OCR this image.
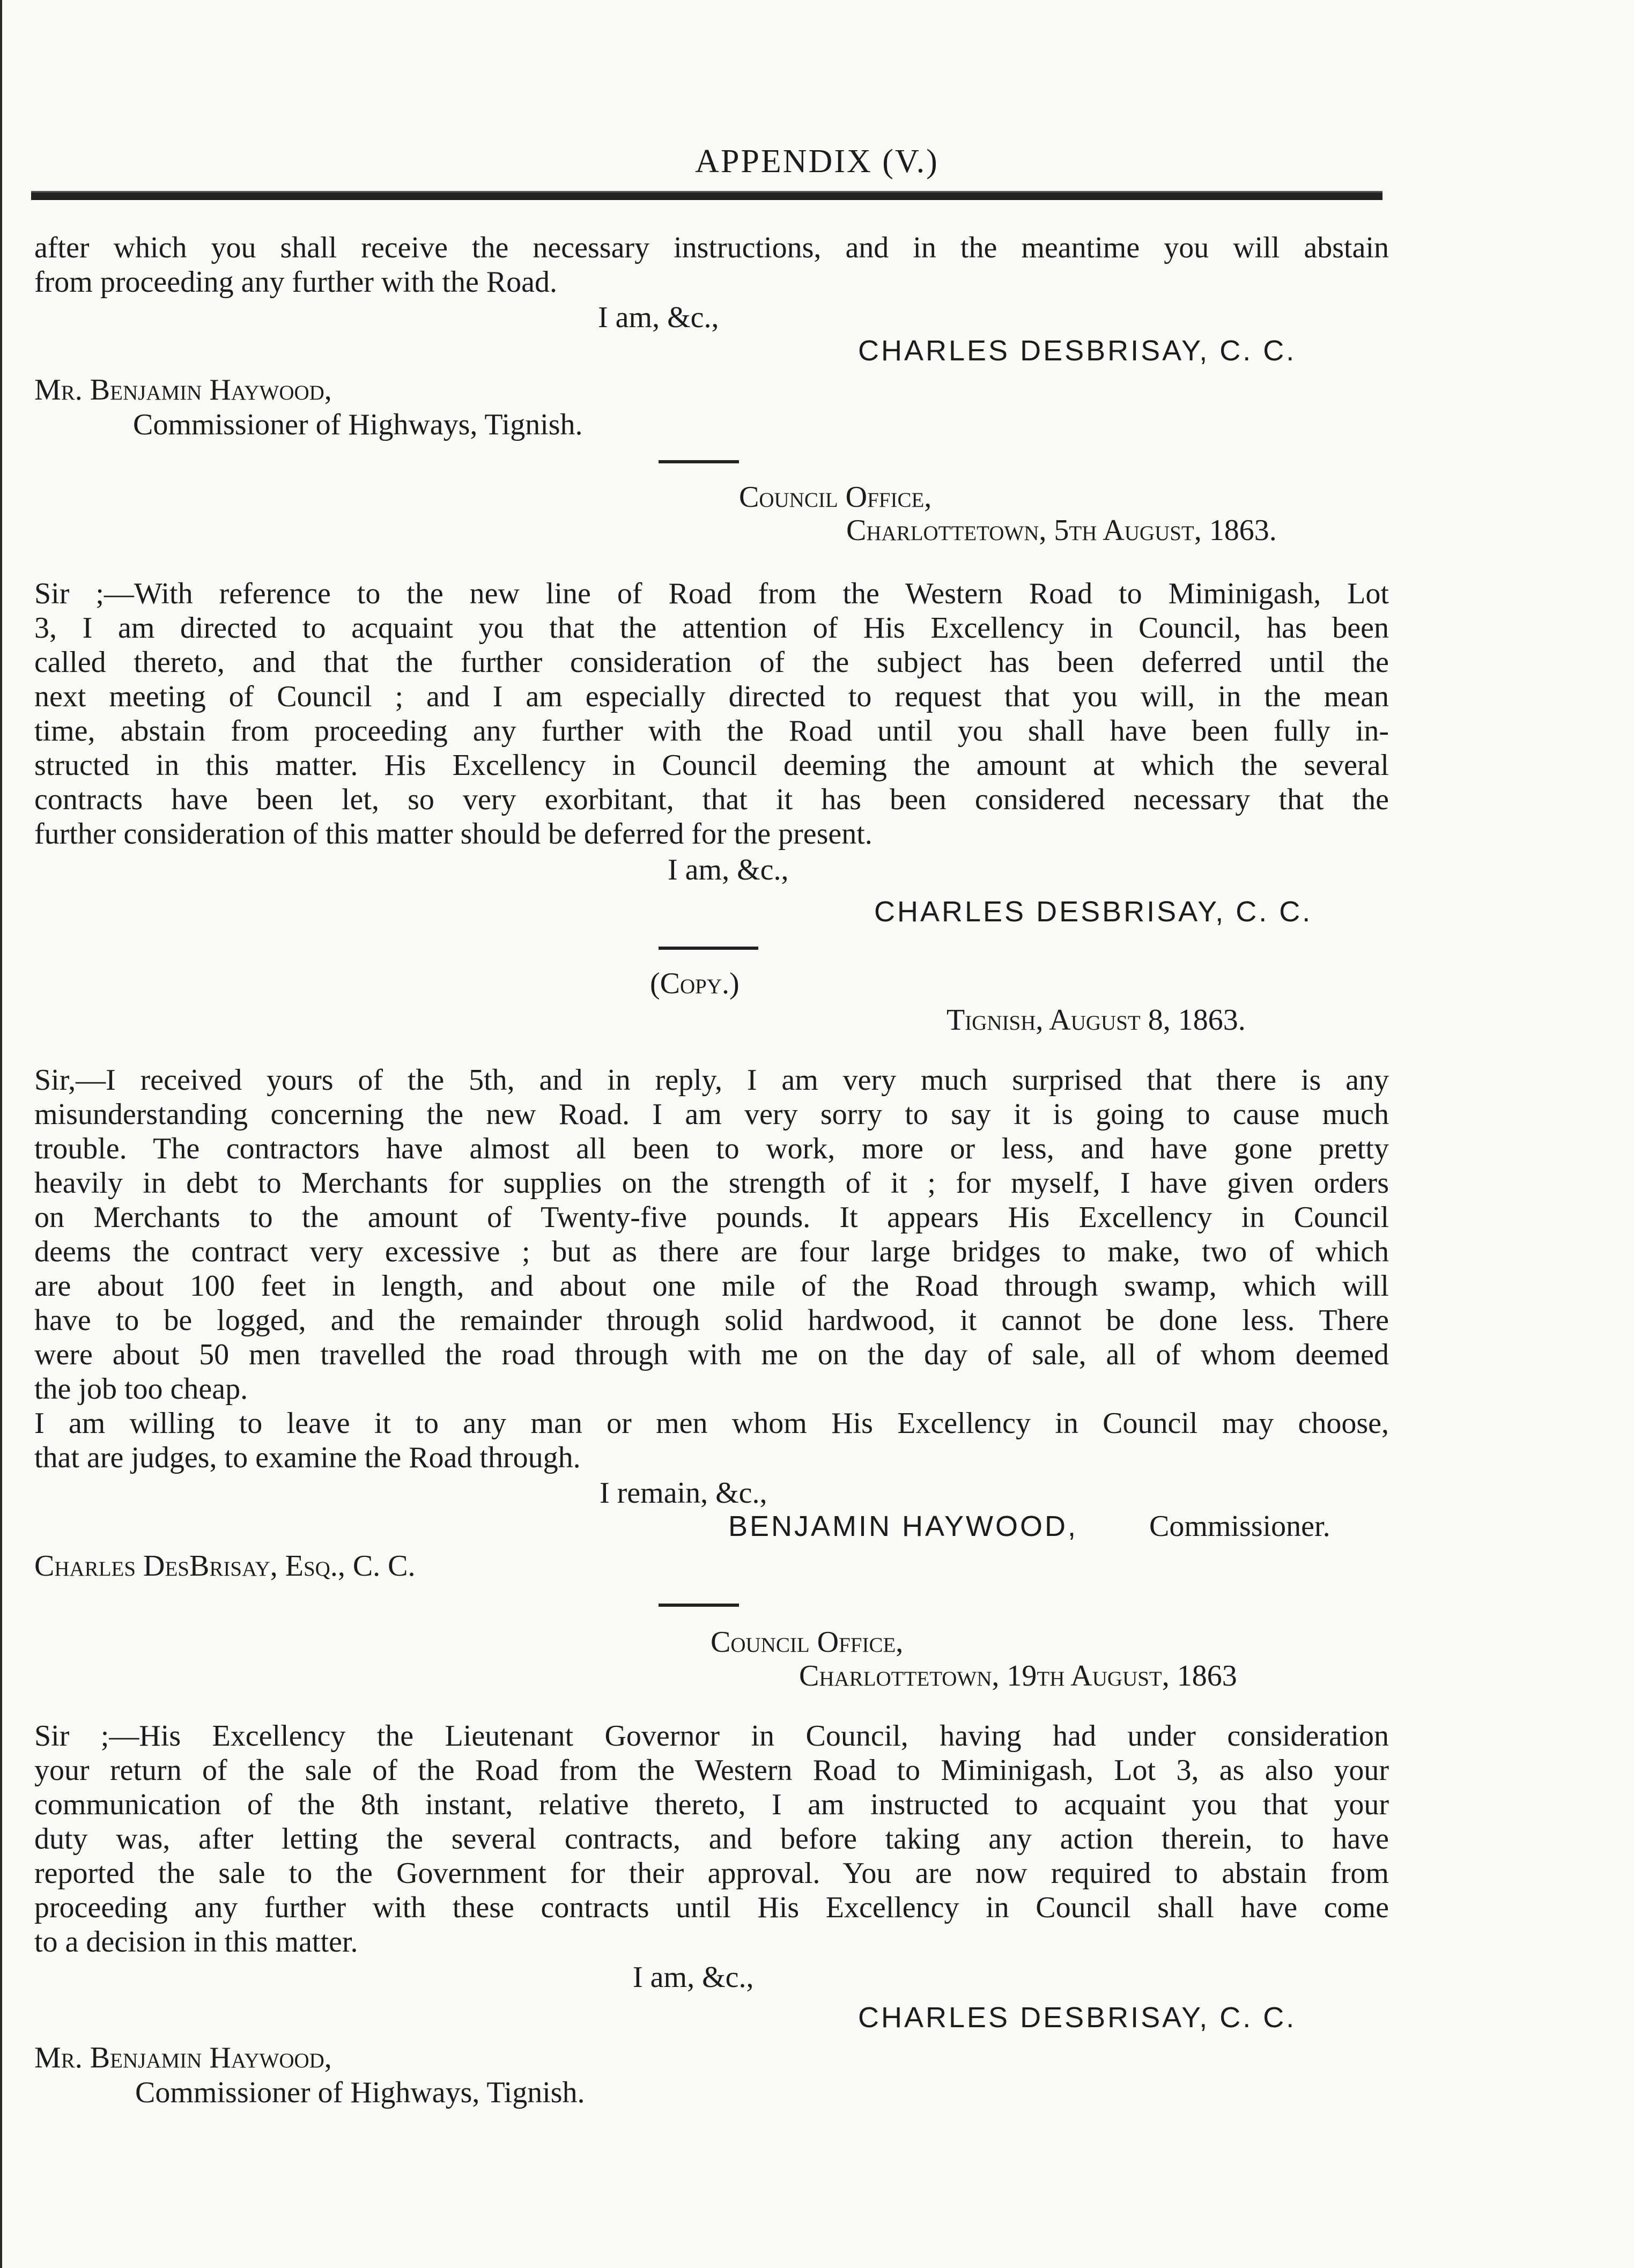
APPENDIX (V.)
after which you shall receive the necessary instructions, and in the meantime you will abstain
from proceeding any further with the Road.
I am, &c.,
CHARLES DESBRISAY, C. C.
Mr. Benjamin Haywood,
Commissioner of Highways, Tignish.
Council Office,
Charlottetown, 5th August, 1863.
Sir ;—With reference to the new line of Road from the Western Road to Miminigash, Lot
3, I am directed to acquaint you that the attention of His Excellency in Council, has been
called thereto, and that the further consideration of the subject has been deferred until the
next meeting of Council ; and I am especially directed to request that you will, in the mean
time, abstain from proceeding any further with the Road until you shall have been fully in-
structed in this matter. His Excellency in Council deeming the amount at which the several
contracts have been let, so very exorbitant, that it has been considered necessary that the
further consideration of this matter should be deferred for the present.
I am, &c.,
CHARLES DESBRISAY, C. C.
(Copy.)
Tignish, August 8, 1863.
Sir,—I received yours of the 5th, and in reply, I am very much surprised that there is any
misunderstanding concerning the new Road. I am very sorry to say it is going to cause much
trouble. The contractors have almost all been to work, more or less, and have gone pretty
heavily in debt to Merchants for supplies on the strength of it ; for myself, I have given orders
on Merchants to the amount of Twenty-five pounds. It appears His Excellency in Council
deems the contract very excessive ; but as there are four large bridges to make, two of which
are about 100 feet in length, and about one mile of the Road through swamp, which will
have to be logged, and the remainder through solid hardwood, it cannot be done less. There
were about 50 men travelled the road through with me on the day of sale, all of whom deemed
the job too cheap.
I am willing to leave it to any man or men whom His Excellency in Council may choose,
that are judges, to examine the Road through.
I remain, &c.,
BENJAMIN HAYWOOD, Commissioner.
Charles DesBrisay, Esq., C. C.
Council Office,
Charlottetown, 19th August, 1863
Sir ;—His Excellency the Lieutenant Governor in Council, having had under consideration
your return of the sale of the Road from the Western Road to Miminigash, Lot 3, as also your
communication of the 8th instant, relative thereto, I am instructed to acquaint you that your
duty was, after letting the several contracts, and before taking any action therein, to have
reported the sale to the Government for their approval. You are now required to abstain from
proceeding any further with these contracts until His Excellency in Council shall have come
to a decision in this matter.
I am, &c.,
CHARLES DESBRISAY, C. C.
Mr. Benjamin Haywood,
Commissioner of Highways, Tignish.
